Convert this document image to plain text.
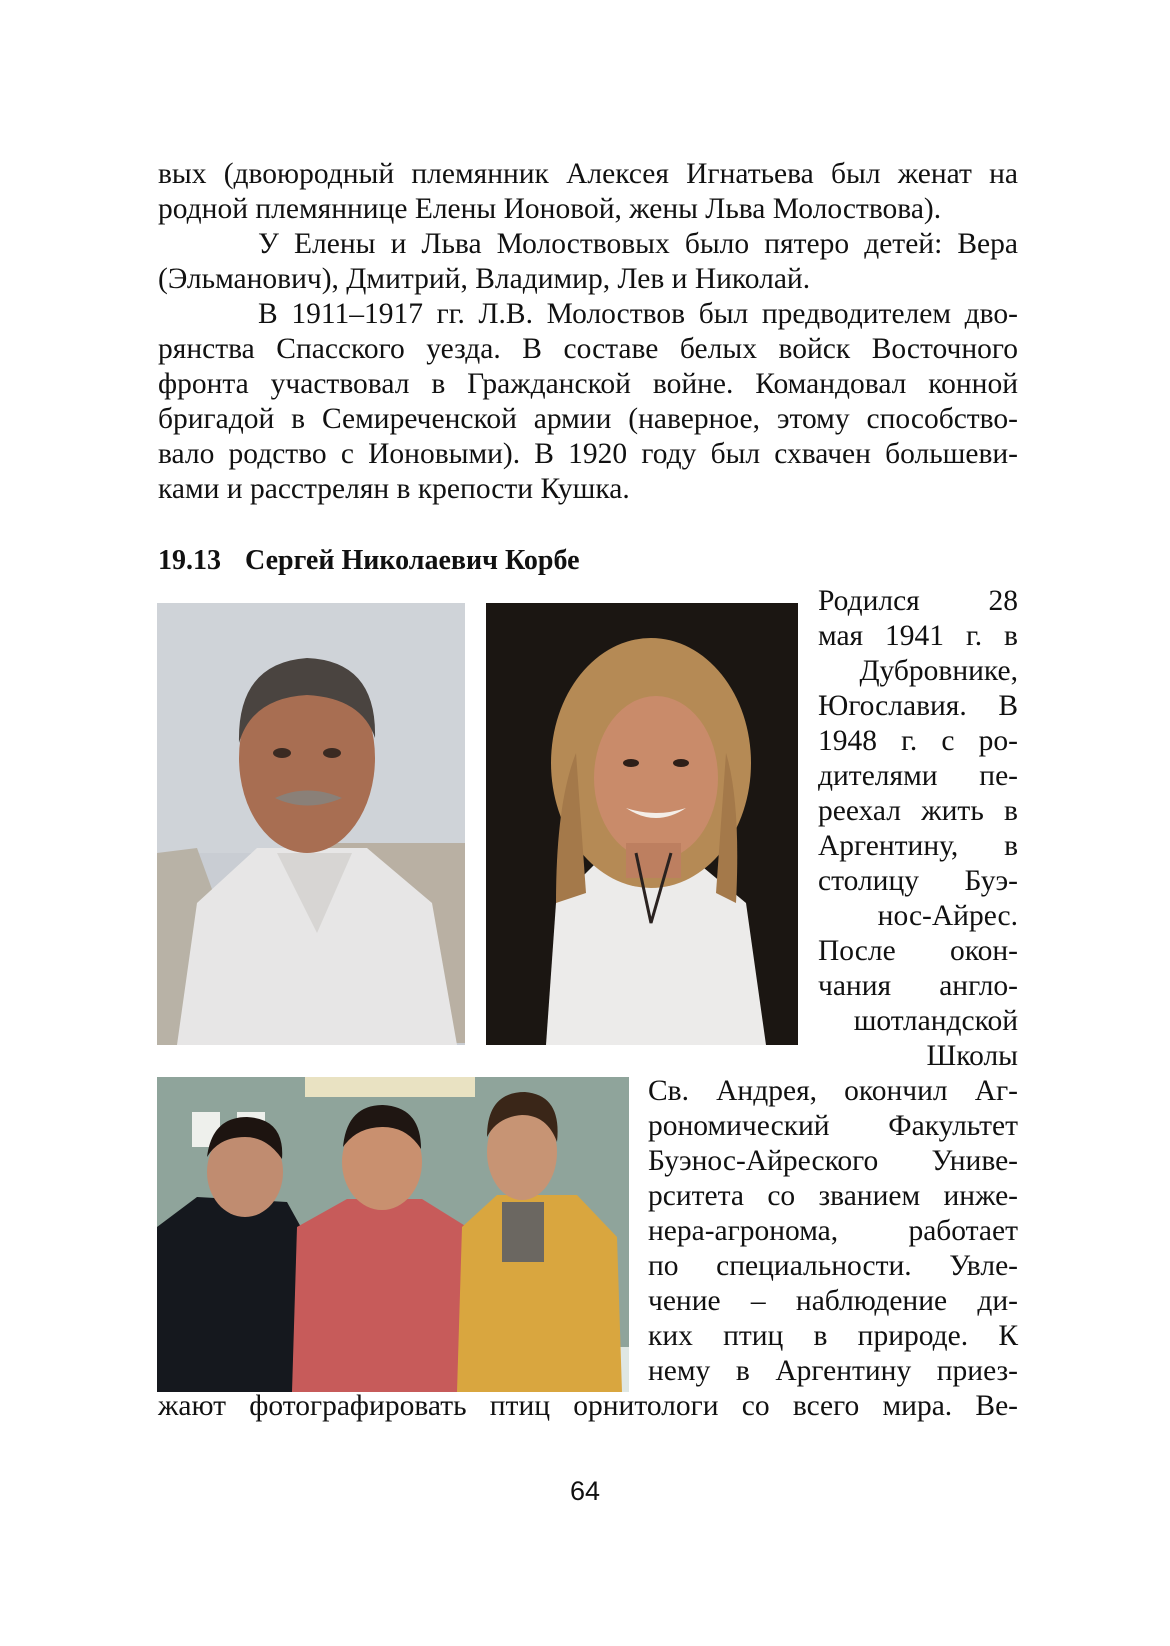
вых (двоюродный племянник Алексея Игнатьева был женат на
родной племяннице Елены Ионовой, жены Льва Молоствова).
У Елены и Льва Молоствовых было пятеро детей: Вера
(Эльманович), Дмитрий, Владимир, Лев и Николай.
В 1911–1917 гг. Л.В. Молоствов был предводителем дво-
рянства Спасского уезда. В составе белых войск Восточного
фронта участвовал в Гражданской войне. Командовал конной
бригадой в Семиреченской армии (наверное, этому способство-
вало родство с Ионовыми). В 1920 году был схвачен большеви-
ками и расстрелян в крепости Кушка.
19.13 Сергей Николаевич Корбе
Родился 28
мая 1941 г. в
Дубровнике,
Югославия. В
1948 г. с ро-
дителями пе-
реехал жить в
Аргентину, в
столицу Буэ-
нос-Айрес.
После окон-
чания англо-
шотландской
Школы
Св. Андрея, окончил Аг-
рономический Факультет
Буэнос-Айреского Униве-
рситета со званием инже-
нера-агронома, работает
по специальности. Увле-
чение – наблюдение ди-
ких птиц в природе. К
нему в Аргентину приез-
жают фотографировать птиц орнитологи со всего мира. Ве-
64
